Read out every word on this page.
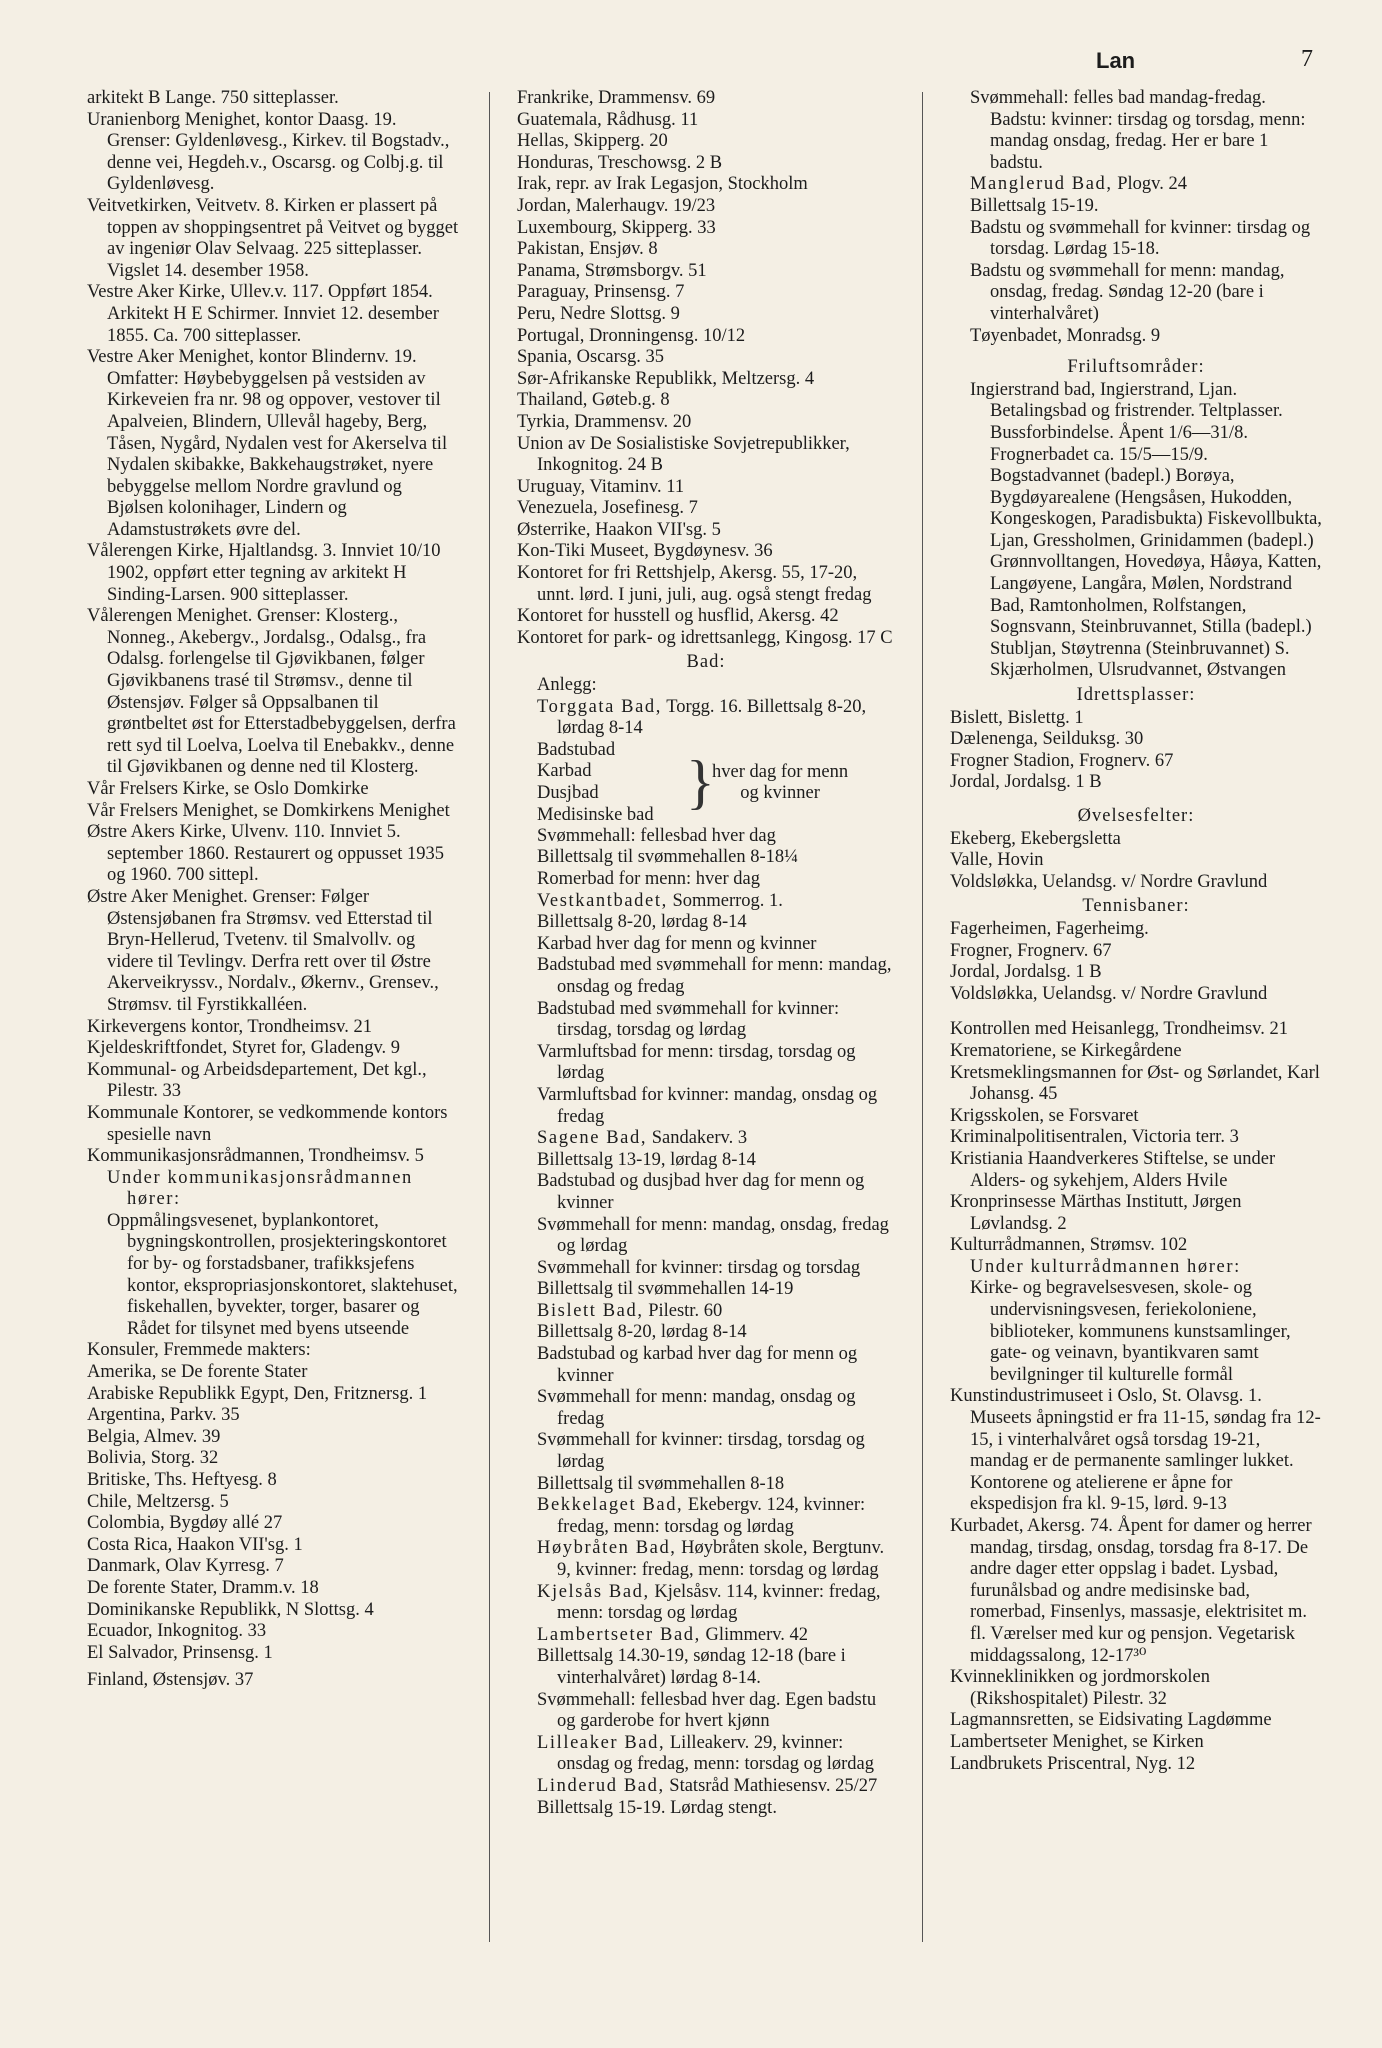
Lan	7

arkitekt B Lange. 750 sitteplasser.

Uranienborg Menighet, kontor Daasg. 19. Grenser: Gyldenløvesg., Kirkev. til Bogstadv., denne vei, Hegdeh.v., Oscarsg. og Colbj.g. til Gyldenløvesg.

Veitvetkirken, Veitvetv. 8. Kirken er plassert på toppen av shoppingsentret på Veitvet og bygget av ingeniør Olav Selvaag. 225 sitteplasser. Vigslet 14. desember 1958.

Vestre Aker Kirke, Ullev.v. 117. Oppført 1854. Arkitekt H E Schirmer. Innviet 12. desember 1855. Ca. 700 sitteplasser.

Vestre Aker Menighet, kontor Blindernv. 19. Omfatter: Høybebyggelsen på vestsiden av Kirkeveien fra nr. 98 og oppover, vestover til Apalveien, Blindern, Ullevål hageby, Berg, Tåsen, Nygård, Nydalen vest for Akerselva til Nydalen skibakke, Bakkehaugstrøket, nyere bebyggelse mellom Nordre gravlund og Bjølsen kolonihager, Lindern og Adamstustrøkets øvre del.

Vålerengen Kirke, Hjaltlandsg. 3. Innviet 10/10 1902, oppført etter tegning av arkitekt H Sinding-Larsen. 900 sitteplasser.

Vålerengen Menighet. Grenser: Klosterg., Nonneg., Akebergv., Jordalsg., Odalsg., fra Odalsg. forlengelse til Gjøvikbanen, følger Gjøvikbanens trasé til Strømsv., denne til Østensjøv. Følger så Oppsalbanen til grøntbeltet øst for Etterstadbebyggelsen, derfra rett syd til Loelva, Loelva til Enebakkv., denne til Gjøvikbanen og denne ned til Klosterg.

Vår Frelsers Kirke, se Oslo Domkirke

Vår Frelsers Menighet, se Domkirkens Menighet

Østre Akers Kirke, Ulvenv. 110. Innviet 5. september 1860. Restaurert og oppusset 1935 og 1960. 700 sittepl.

Østre Aker Menighet. Grenser: Følger Østensjøbanen fra Strømsv. ved Etterstad til Bryn-Hellerud, Tvetenv. til Smalvollv. og videre til Tevlingv. Derfra rett over til Østre Akerveikryssv., Nordalv., Økernv., Grensev., Strømsv. til Fyrstikkalléen.

Kirkevergens kontor, Trondheimsv. 21

Kjeldeskriftfondet, Styret for, Gladengv. 9

Kommunal- og Arbeidsdepartement, Det kgl., Pilestr. 33

Kommunale Kontorer, se vedkommende kontors spesielle navn

Kommunikasjonsrådmannen, Trondheimsv. 5

Under kommunikasjonsrådmannen hører:

Oppmålingsvesenet, byplankontoret, bygningskontrollen, prosjekteringskontoret for by- og forstadsbaner, trafikksjefens kontor, ekspropriasjonskontoret, slaktehuset, fiskehallen, byvekter, torger, basarer og Rådet for tilsynet med byens utseende

Konsuler, Fremmede makters:

Amerika, se De forente Stater

Arabiske Republikk Egypt, Den, Fritznersg. 1

Argentina, Parkv. 35

Belgia, Almev. 39

Bolivia, Storg. 32

Britiske, Ths. Heftyesg. 8

Chile, Meltzersg. 5

Colombia, Bygdøy allé 27

Costa Rica, Haakon VII'sg. 1

Danmark, Olav Kyrresg. 7

De forente Stater, Dramm.v. 18

Dominikanske Republikk, N Slottsg. 4

Ecuador, Inkognitog. 33

El Salvador, Prinsensg. 1

Finland, Østensjøv. 37

Frankrike, Drammensv. 69

Guatemala, Rådhusg. 11

Hellas, Skipperg. 20

Honduras, Treschowsg. 2 B

Irak, repr. av Irak Legasjon, Stockholm

Jordan, Malerhaugv. 19/23

Luxembourg, Skipperg. 33

Pakistan, Ensjøv. 8

Panama, Strømsborgv. 51

Paraguay, Prinsensg. 7

Peru, Nedre Slottsg. 9

Portugal, Dronningensg. 10/12

Spania, Oscarsg. 35

Sør-Afrikanske Republikk, Meltzersg. 4

Thailand, Gøteb.g. 8

Tyrkia, Drammensv. 20

Union av De Sosialistiske Sovjetrepublikker, Inkognitog. 24 B

Uruguay, Vitaminv. 11

Venezuela, Josefinesg. 7

Østerrike, Haakon VII'sg. 5

Kon-Tiki Museet, Bygdøynesv. 36

Kontoret for fri Rettshjelp, Akersg. 55, 17-20, unnt. lørd. I juni, juli, aug. også stengt fredag

Kontoret for husstell og husflid, Akersg. 42

Kontoret for park- og idrettsanlegg, Kingosg. 17 C

Bad:

Anlegg:

Torggata Bad, Torgg. 16. Billettsalg 8-20, lørdag 8-14

Badstubad

Karbad

Dusjbad

Medisinske bad }
hver dag for menn
og kvinner

Svømmehall: fellesbad hver dag

Billettsalg til svømmehallen 8-18¼

Romerbad for menn: hver dag

Vestkantbadet, Sommerrog. 1.

Billettsalg 8-20, lørdag 8-14

Karbad hver dag for menn og kvinner

Badstubad med svømmehall for menn: mandag, onsdag og fredag

Badstubad med svømmehall for kvinner: tirsdag, torsdag og lørdag

Varmluftsbad for menn: tirsdag, torsdag og lørdag

Varmluftsbad for kvinner: mandag, onsdag og fredag

Sagene Bad, Sandakerv. 3

Billettsalg 13-19, lørdag 8-14

Badstubad og dusjbad hver dag for menn og kvinner

Svømmehall for menn: mandag, onsdag, fredag og lørdag

Svømmehall for kvinner: tirsdag og torsdag

Billettsalg til svømmehallen 14-19

Bislett Bad, Pilestr. 60

Billettsalg 8-20, lørdag 8-14

Badstubad og karbad hver dag for menn og kvinner

Svømmehall for menn: mandag, onsdag og fredag

Svømmehall for kvinner: tirsdag, torsdag og lørdag

Billettsalg til svømmehallen 8-18

Bekkelaget Bad, Ekebergv. 124, kvinner: fredag, menn: torsdag og lørdag

Høybråten Bad, Høybråten skole, Bergtunv. 9, kvinner: fredag, menn: torsdag og lørdag

Kjelsås Bad, Kjelsåsv. 114, kvinner: fredag, menn: torsdag og lørdag

Lambertseter Bad, Glimmerv. 42

Billettsalg 14.30-19, søndag 12-18 (bare i vinterhalvåret) lørdag 8-14.

Svømmehall: fellesbad hver dag. Egen badstu og garderobe for hvert kjønn

Lilleaker Bad, Lilleakerv. 29, kvinner: onsdag og fredag, menn: torsdag og lørdag

Linderud Bad, Statsråd Mathiesensv. 25/27

Billettsalg 15-19. Lørdag stengt.

Svømmehall: felles bad mandag-fredag. Badstu: kvinner: tirsdag og torsdag, menn: mandag onsdag, fredag. Her er bare 1 badstu.

Manglerud Bad, Plogv. 24

Billettsalg 15-19.

Badstu og svømmehall for kvinner: tirsdag og torsdag. Lørdag 15-18.

Badstu og svømmehall for menn: mandag, onsdag, fredag. Søndag 12-20 (bare i vinterhalvåret)

Tøyenbadet, Monradsg. 9

Friluftsområder:

Ingierstrand bad, Ingierstrand, Ljan. Betalingsbad og fristrender. Teltplasser. Bussforbindelse. Åpent 1/6—31/8. Frognerbadet ca. 15/5—15/9. Bogstadvannet (badepl.) Borøya, Bygdøyarealene (Hengsåsen, Hukodden, Kongeskogen, Paradisbukta) Fiskevollbukta, Ljan, Gressholmen, Grinidammen (badepl.) Grønnvolltangen, Hovedøya, Håøya, Katten, Langøyene, Langåra, Mølen, Nordstrand Bad, Ramtonholmen, Rolfstangen, Sognsvann, Steinbruvannet, Stilla (badepl.) Stubljan, Støytrenna (Steinbruvannet) S. Skjærholmen, Ulsrudvannet, Østvangen

Idrettsplasser:

Bislett, Bislettg. 1

Dælenenga, Seilduksg. 30

Frogner Stadion, Frognerv. 67

Jordal, Jordalsg. 1 B

Øvelsesfelter:

Ekeberg, Ekebergsletta

Valle, Hovin

Voldsløkka, Uelandsg. v/ Nordre Gravlund

Tennisbaner:

Fagerheimen, Fagerheimg.

Frogner, Frognerv. 67

Jordal, Jordalsg. 1 B

Voldsløkka, Uelandsg. v/ Nordre Gravlund

Kontrollen med Heisanlegg, Trondheimsv. 21

Krematoriene, se Kirkegårdene

Kretsmeklingsmannen for Øst- og Sørlandet, Karl Johansg. 45

Krigsskolen, se Forsvaret

Kriminalpolitisentralen, Victoria terr. 3

Kristiania Haandverkeres Stiftelse, se under Alders- og sykehjem, Alders Hvile

Kronprinsesse Märthas Institutt, Jørgen Løvlandsg. 2

Kulturrådmannen, Strømsv. 102

Under kulturrådmannen hører:

Kirke- og begravelsesvesen, skole- og undervisningsvesen, feriekoloniene, biblioteker, kommunens kunstsamlinger, gate- og veinavn, byantikvaren samt bevilgninger til kulturelle formål

Kunstindustrimuseet i Oslo, St. Olavsg. 1. Museets åpningstid er fra 11-15, søndag fra 12-15, i vinterhalvåret også torsdag 19-21, mandag er de permanente samlinger lukket. Kontorene og atelierene er åpne for ekspedisjon fra kl. 9-15, lørd. 9-13

Kurbadet, Akersg. 74. Åpent for damer og herrer mandag, tirsdag, onsdag, torsdag fra 8-17. De andre dager etter oppslag i badet. Lysbad, furunålsbad og andre medisinske bad, romerbad, Finsenlys, massasje, elektrisitet m. fl. Værelser med kur og pensjon. Vegetarisk middagssalong, 12-17³⁰

Kvinneklinikken og jordmorskolen (Rikshospitalet) Pilestr. 32

Lagmannsretten, se Eidsivating Lagdømme

Lambertseter Menighet, se Kirken

Landbrukets Priscentral, Nyg. 12
